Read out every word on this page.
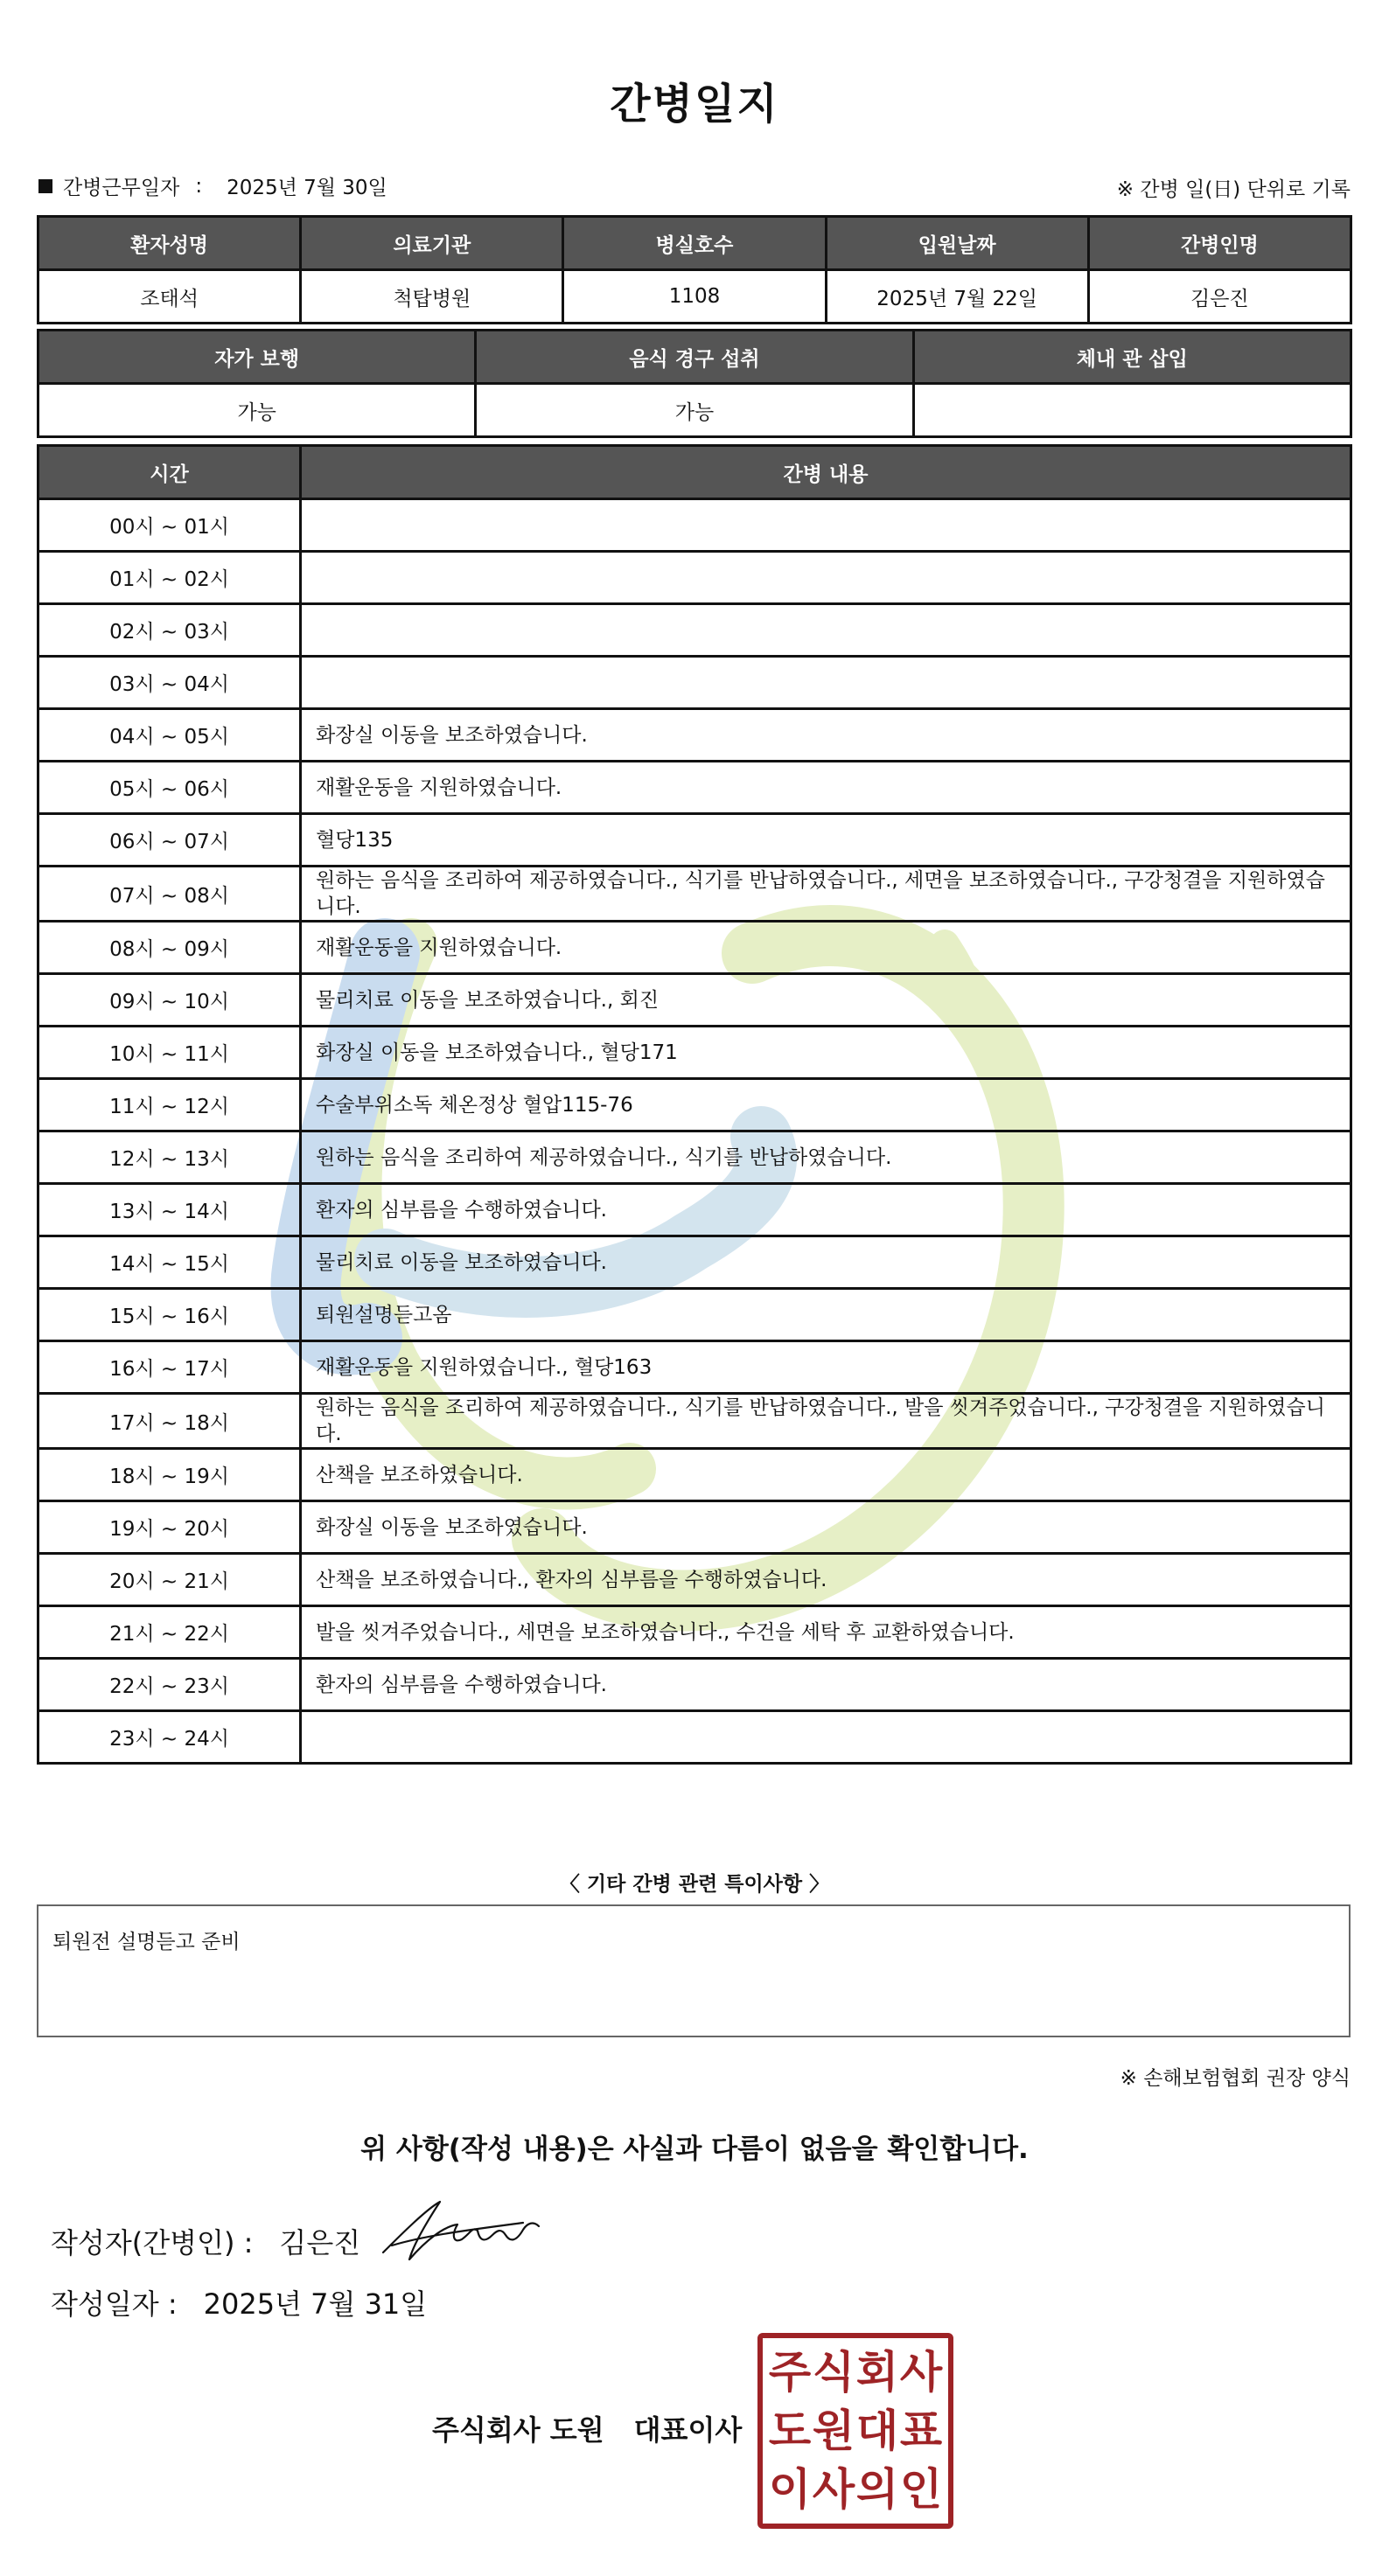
간병일지
간병근무일자 : 2025년 7월 30일	※ 간병 일(日) 단위로 기록
환자성명	의료기관	병실호수	입원날짜	간병인명
조태석	척탑병원	1108	2025년 7월 22일	김은진
자가 보행	음식 경구 섭취	체내 관 삽입
가능	가능	
시간	간병 내용
00시 ~ 01시	
01시 ~ 02시	
02시 ~ 03시	
03시 ~ 04시	
04시 ~ 05시	화장실 이동을 보조하였습니다.
05시 ~ 06시	재활운동을 지원하였습니다.
06시 ~ 07시	혈당135
07시 ~ 08시	원하는 음식을 조리하여 제공하였습니다., 식기를 반납하였습니다., 세면을 보조하였습니다., 구강청결을 지원하였습니다.
08시 ~ 09시	재활운동을 지원하였습니다.
09시 ~ 10시	물리치료 이동을 보조하였습니다., 회진
10시 ~ 11시	화장실 이동을 보조하였습니다., 혈당171
11시 ~ 12시	수술부위소독 체온정상 혈압115-76
12시 ~ 13시	원하는 음식을 조리하여 제공하였습니다., 식기를 반납하였습니다.
13시 ~ 14시	환자의 심부름을 수행하였습니다.
14시 ~ 15시	물리치료 이동을 보조하였습니다.
15시 ~ 16시	퇴원설명듣고옴
16시 ~ 17시	재활운동을 지원하였습니다., 혈당163
17시 ~ 18시	원하는 음식을 조리하여 제공하였습니다., 식기를 반납하였습니다., 발을 씻겨주었습니다., 구강청결을 지원하였습니다.
18시 ~ 19시	산책을 보조하였습니다.
19시 ~ 20시	화장실 이동을 보조하였습니다.
20시 ~ 21시	산책을 보조하였습니다., 환자의 심부름을 수행하였습니다.
21시 ~ 22시	발을 씻겨주었습니다., 세면을 보조하였습니다., 수건을 세탁 후 교환하였습니다.
22시 ~ 23시	환자의 심부름을 수행하였습니다.
23시 ~ 24시	
〈 기타 간병 관련 특이사항 〉
퇴원전 설명듣고 준비
※ 손해보험협회 권장 양식
위 사항(작성 내용)은 사실과 다름이 없음을 확인합니다.
작성자(간병인) : 김은진
작성일자 : 2025년 7월 31일
주식회사 도원 대표이사
주 식 회 사
도 원 대 표
이 사 의 인
